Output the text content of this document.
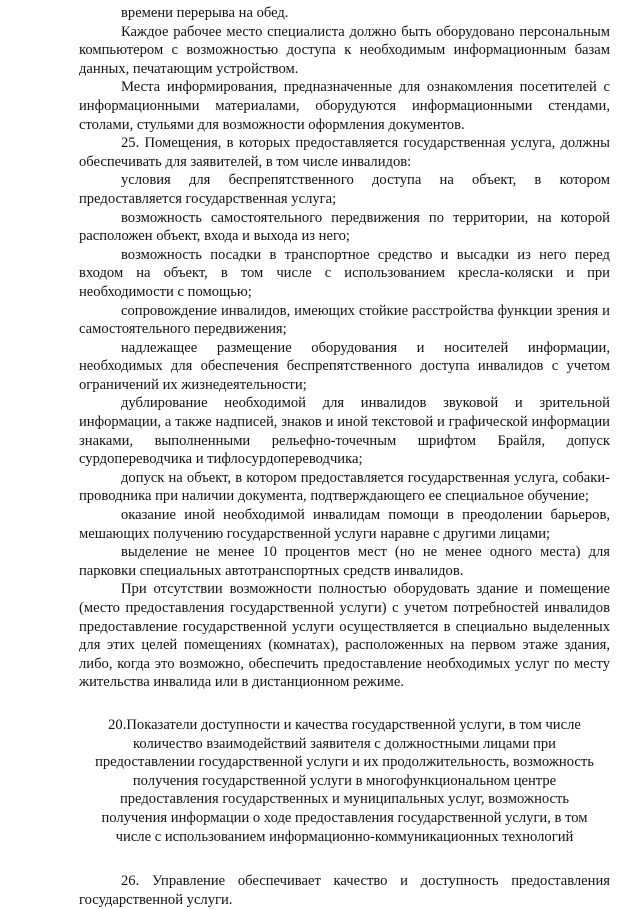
времени перерыва на обед.

Каждое рабочее место специалиста должно быть оборудовано персональным компьютером с возможностью доступа к необходимым информационным базам данных, печатающим устройством.

Места информирования, предназначенные для ознакомления посетителей с информационными материалами, оборудуются информационными стендами, столами, стульями для возможности оформления документов.

25. Помещения, в которых предоставляется государственная услуга, должны обеспечивать для заявителей, в том числе инвалидов:

условия для беспрепятственного доступа на объект, в котором предоставляется государственная услуга;

возможность самостоятельного передвижения по территории, на которой расположен объект, входа и выхода из него;

возможность посадки в транспортное средство и высадки из него перед входом на объект, в том числе с использованием кресла-коляски и при необходимости с помощью;

сопровождение инвалидов, имеющих стойкие расстройства функции зрения и самостоятельного передвижения;

надлежащее размещение оборудования и носителей информации, необходимых для обеспечения беспрепятственного доступа инвалидов с учетом ограничений их жизнедеятельности;

дублирование необходимой для инвалидов звуковой и зрительной информации, а также надписей, знаков и иной текстовой и графической информации знаками, выполненными рельефно-точечным шрифтом Брайля, допуск сурдопереводчика и тифлосурдопереводчика;

допуск на объект, в котором предоставляется государственная услуга, собаки-проводника при наличии документа, подтверждающего ее специальное обучение;

оказание иной необходимой инвалидам помощи в преодолении барьеров, мешающих получению государственной услуги наравне с другими лицами;

выделение не менее 10 процентов мест (но не менее одного места) для парковки специальных автотранспортных средств инвалидов.

При отсутствии возможности полностью оборудовать здание и помещение (место предоставления государственной услуги) с учетом потребностей инвалидов предоставление государственной услуги осуществляется в специально выделенных для этих целей помещениях (комнатах), расположенных на первом этаже здания, либо, когда это возможно, обеспечить предоставление необходимых услуг по месту жительства инвалида или в дистанционном режиме.

20.Показатели доступности и качества государственной услуги, в том числе количество взаимодействий заявителя с должностными лицами при предоставлении государственной услуги и их продолжительность, возможность получения государственной услуги в многофункциональном центре предоставления государственных и муниципальных услуг, возможность получения информации о ходе предоставления государственной услуги, в том числе с использованием информационно-коммуникационных технологий

26. Управление обеспечивает качество и доступность предоставления государственной услуги.
